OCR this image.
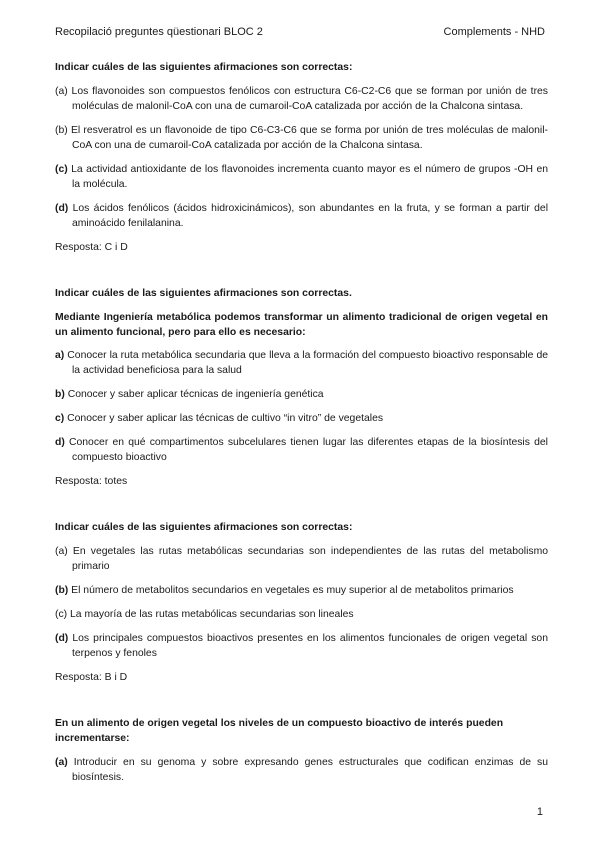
Recopilació preguntes qüestionari BLOC 2	Complements - NHD

Indicar cuáles de las siguientes afirmaciones son correctas:

(a) Los flavonoides son compuestos fenólicos con estructura C6-C2-C6 que se forman por unión de tres moléculas de malonil-CoA con una de cumaroil-CoA catalizada por acción de la Chalcona sintasa.

(b) El resveratrol es un flavonoide de tipo C6-C3-C6 que se forma por unión de tres moléculas de malonil-CoA con una de cumaroil-CoA catalizada por acción de la Chalcona sintasa.

(c) La actividad antioxidante de los flavonoides incrementa cuanto mayor es el número de grupos -OH en la molécula.

(d) Los ácidos fenólicos (ácidos hidroxicinámicos), son abundantes en la fruta, y se forman a partir del aminoácido fenilalanina.

Resposta: C i D

Indicar cuáles de las siguientes afirmaciones son correctas.

Mediante Ingeniería metabólica podemos transformar un alimento tradicional de origen vegetal en un alimento funcional, pero para ello es necesario:

a) Conocer la ruta metabólica secundaria que lleva a la formación del compuesto bioactivo responsable de la actividad beneficiosa para la salud

b) Conocer y saber aplicar técnicas de ingeniería genética

c) Conocer y saber aplicar las técnicas de cultivo “in vitro” de vegetales

d) Conocer en qué compartimentos subcelulares tienen lugar las diferentes etapas de la biosíntesis del compuesto bioactivo

Resposta: totes

Indicar cuáles de las siguientes afirmaciones son correctas:

(a) En vegetales las rutas metabólicas secundarias son independientes de las rutas del metabolismo primario

(b) El número de metabolitos secundarios en vegetales es muy superior al de metabolitos primarios

(c) La mayoría de las rutas metabólicas secundarias son lineales

(d) Los principales compuestos bioactivos presentes en los alimentos funcionales de origen vegetal son terpenos y fenoles

Resposta: B i D

En un alimento de origen vegetal los niveles de un compuesto bioactivo de interés pueden incrementarse:

(a) Introducir en su genoma y sobre expresando genes estructurales que codifican enzimas de su biosíntesis.

1
